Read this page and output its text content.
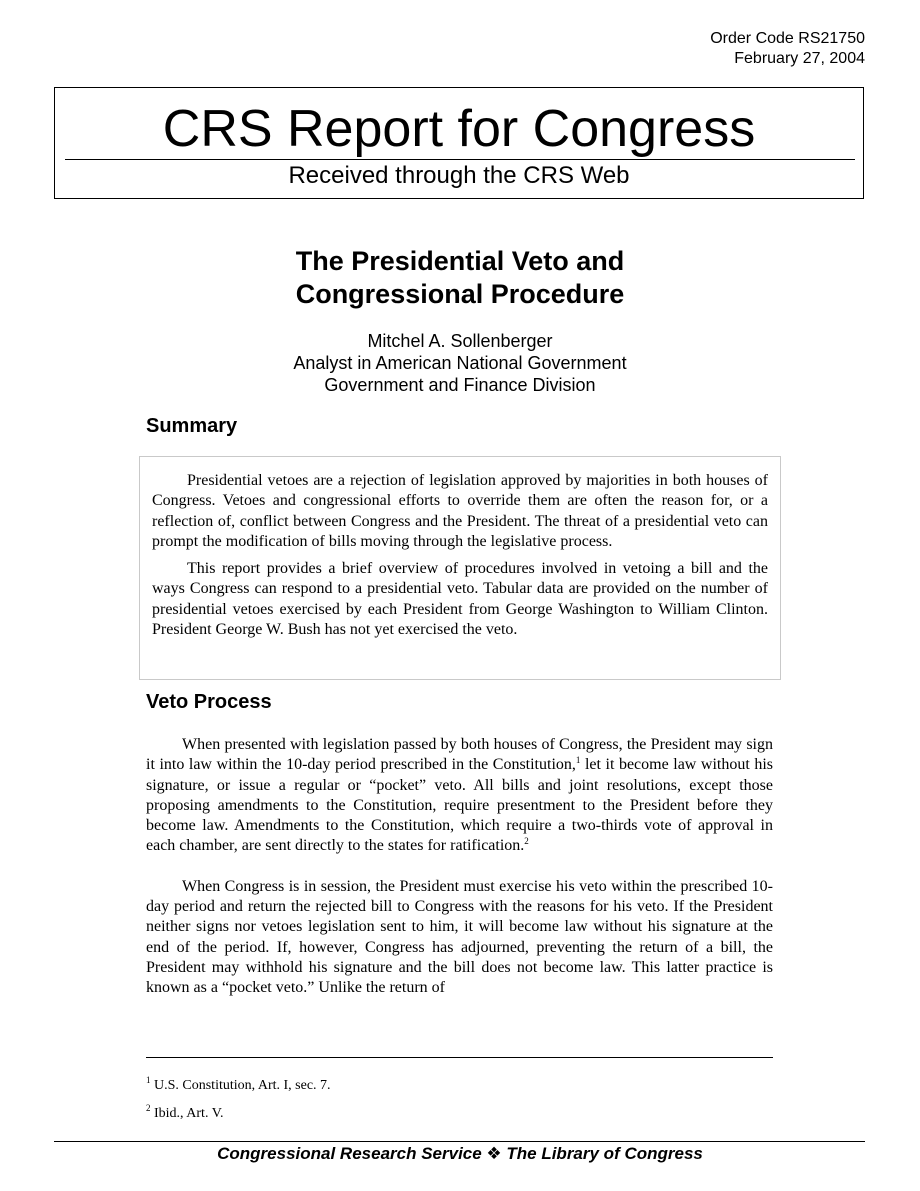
Order Code RS21750
February 27, 2004
CRS Report for Congress
Received through the CRS Web
The Presidential Veto and
Congressional Procedure
Mitchel A. Sollenberger
Analyst in American National Government
Government and Finance Division
Summary

Presidential vetoes are a rejection of legislation approved by majorities in both houses of Congress. Vetoes and congressional efforts to override them are often the reason for, or a reflection of, conflict between Congress and the President. The threat of a presidential veto can prompt the modification of bills moving through the legislative process.

This report provides a brief overview of procedures involved in vetoing a bill and the ways Congress can respond to a presidential veto. Tabular data are provided on the number of presidential vetoes exercised by each President from George Washington to William Clinton. President George W. Bush has not yet exercised the veto.

Veto Process

When presented with legislation passed by both houses of Congress, the President may sign it into law within the 10-day period prescribed in the Constitution,$^1$ let it become law without his signature, or issue a regular or “pocket” veto. All bills and joint resolutions, except those proposing amendments to the Constitution, require presentment to the President before they become law. Amendments to the Constitution, which require a two-thirds vote of approval in each chamber, are sent directly to the states for ratification.$^2$

When Congress is in session, the President must exercise his veto within the prescribed 10-day period and return the rejected bill to Congress with the reasons for his veto. If the President neither signs nor vetoes legislation sent to him, it will become law without his signature at the end of the period. If, however, Congress has adjourned, preventing the return of a bill, the President may withhold his signature and the bill does not become law. This latter practice is known as a “pocket veto.” Unlike the return of

$^1$ U.S. Constitution, Art. I, sec. 7.
$^2$ Ibid., Art. V.
Congressional Research Service ❖ The Library of Congress
